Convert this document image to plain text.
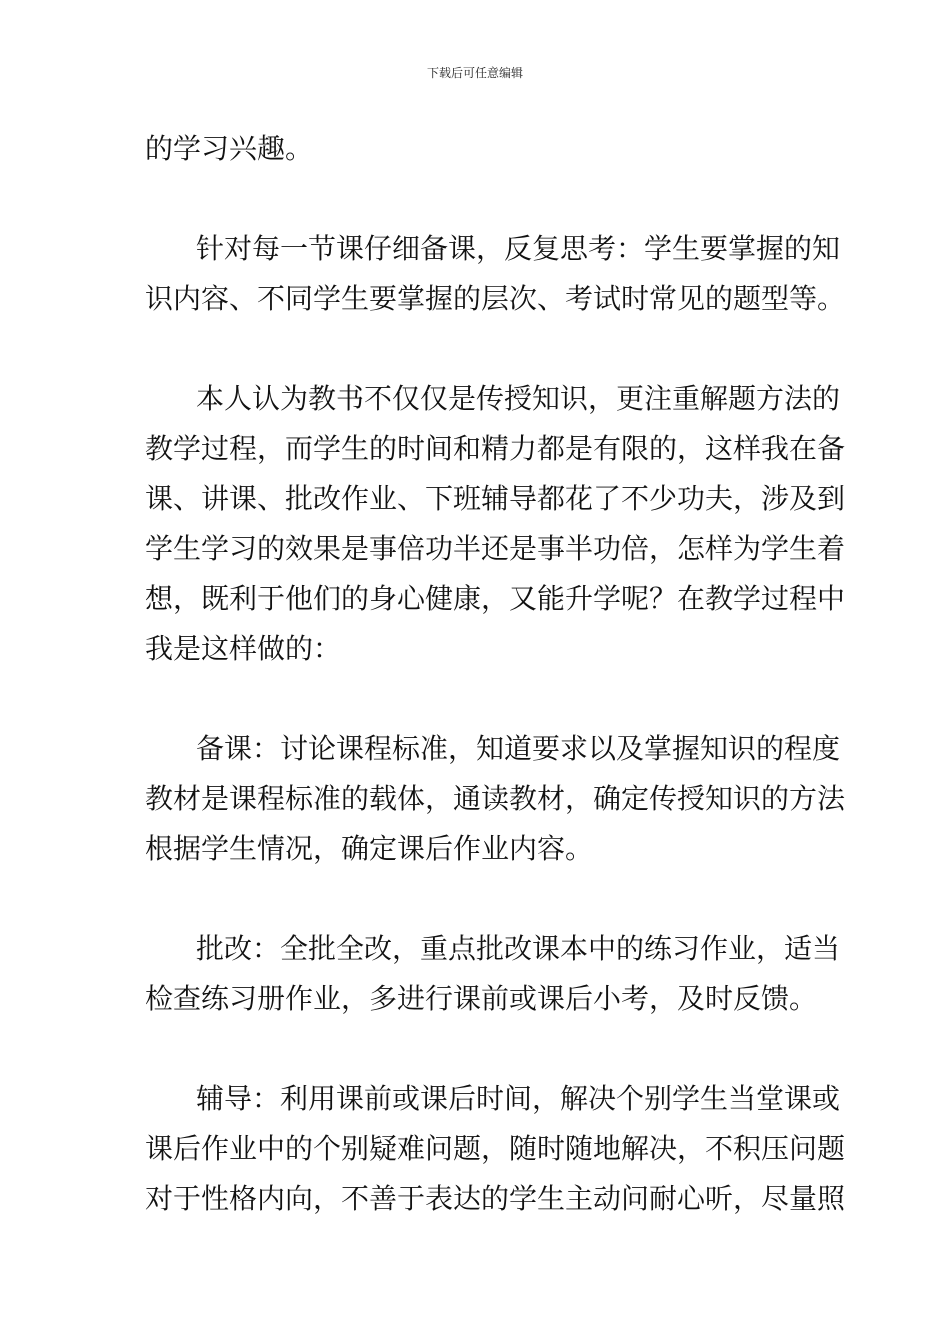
下载后可任意编辑
的学习兴趣。
针对每一节课仔细备课，反复思考：学生要掌握的知
识内容、不同学生要掌握的层次、考试时常见的题型等。
本人认为教书不仅仅是传授知识，更注重解题方法的
教学过程，而学生的时间和精力都是有限的，这样我在备
课、讲课、批改作业、下班辅导都花了不少功夫，涉及到
学生学习的效果是事倍功半还是事半功倍，怎样为学生着
想，既利于他们的身心健康，又能升学呢？在教学过程中
我是这样做的：
备课：讨论课程标准，知道要求以及掌握知识的程度
教材是课程标准的载体，通读教材，确定传授知识的方法
根据学生情况，确定课后作业内容。
批改：全批全改，重点批改课本中的练习作业，适当
检查练习册作业，多进行课前或课后小考，及时反馈。
辅导：利用课前或课后时间，解决个别学生当堂课或
课后作业中的个别疑难问题，随时随地解决，不积压问题
对于性格内向，不善于表达的学生主动问耐心听，尽量照
